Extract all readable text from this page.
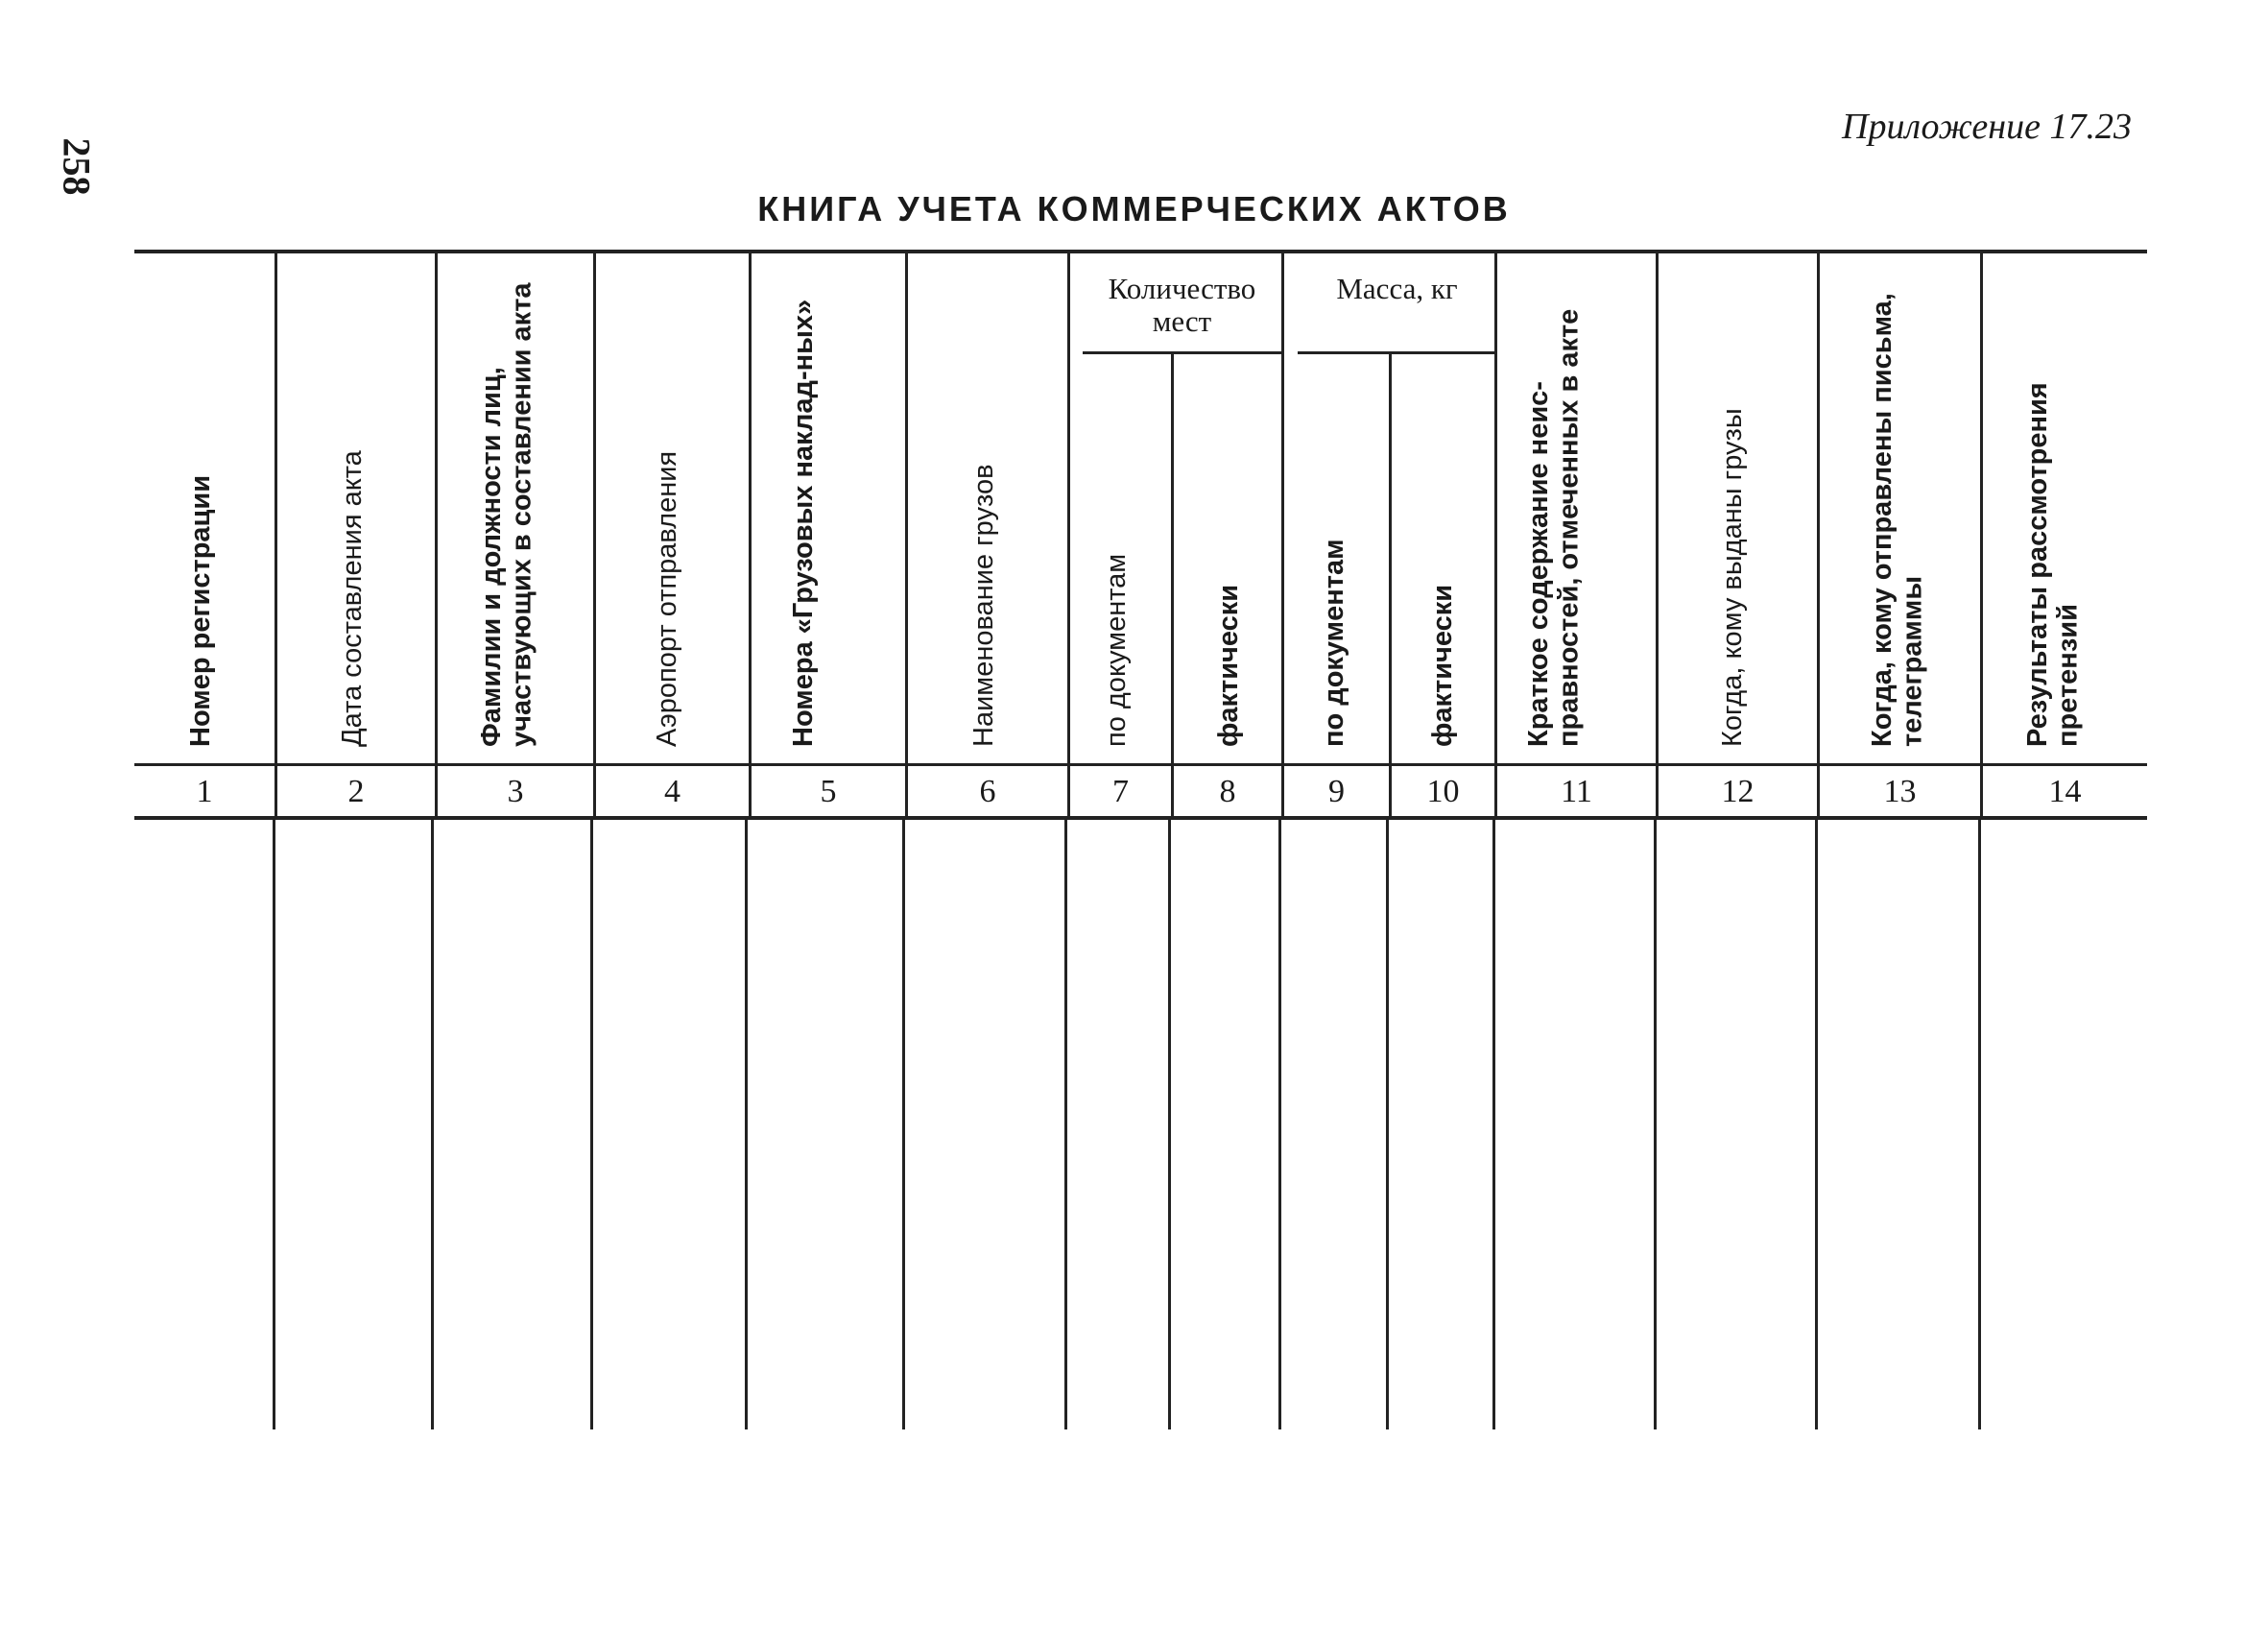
258
Приложение 17.23
КНИГА УЧЕТА КОММЕРЧЕСКИХ АКТОВ
Количество мест
Масса, кг
Номер регистрации	Дата составления акта	Фамилии и должности лиц, участвующих в составлении акта	Аэропорт отправления	Номера «Грузовых наклад-ных»	Наименование грузов	по документам	фактически	по документам	фактически	Краткое содержание неис-правностей, отмеченных в акте	Когда, кому выданы грузы	Когда, кому отправлены письма, телеграммы	Результаты рассмотрения претензий
1	2	3	4	5	6	7	8	9	10	11	12	13	14
